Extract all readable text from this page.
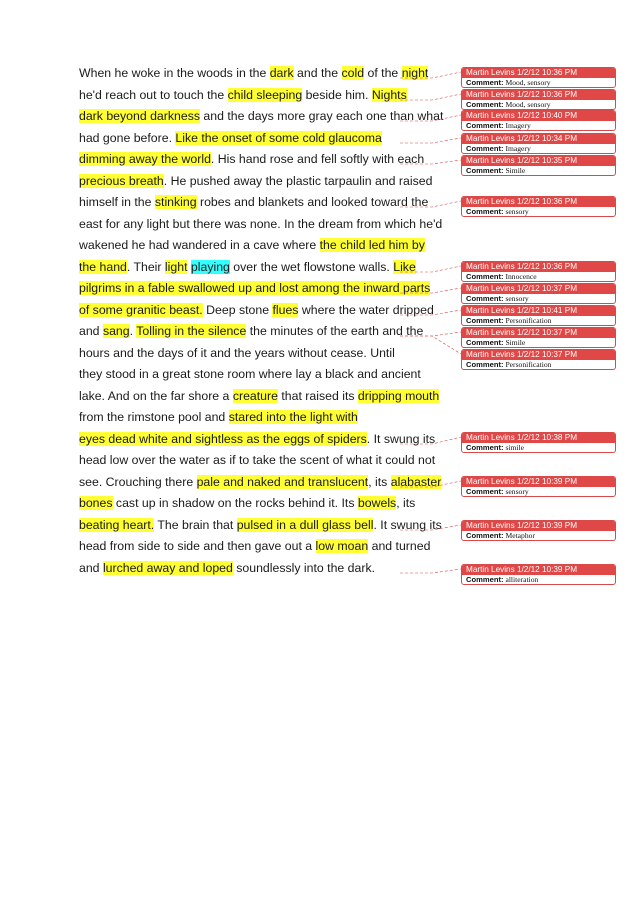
When he woke in the woods in the dark and the cold of the night
he'd reach out to touch the child sleeping beside him. Nights
dark beyond darkness and the days more gray each one than what
had gone before. Like the onset of some cold glaucoma
dimming away the world. His hand rose and fell softly with each
precious breath. He pushed away the plastic tarpaulin and raised
himself in the stinking robes and blankets and looked toward the
east for any light but there was none. In the dream from which he'd
wakened he had wandered in a cave where the child led him by
the hand. Their light playing over the wet flowstone walls. Like
pilgrims in a fable swallowed up and lost among the inward parts
of some granitic beast. Deep stone flues where the water dripped
and sang. Tolling in the silence the minutes of the earth and the
hours and the days of it and the years without cease. Until
they stood in a great stone room where lay a black and ancient
lake. And on the far shore a creature that raised its dripping mouth
from the rimstone pool and stared into the light with
eyes dead white and sightless as the eggs of spiders. It swung its
head low over the water as if to take the scent of what it could not
see. Crouching there pale and naked and translucent, its alabaster
bones cast up in shadow on the rocks behind it. Its bowels, its
beating heart. The brain that pulsed in a dull glass bell. It swung its
head from side to side and then gave out a low moan and turned
and lurched away and loped soundlessly into the dark.
Martin Levins 1/2/12 10:36 PM
Comment: Mood, sensory
Martin Levins 1/2/12 10:36 PM
Comment: Mood, sensory
Martin Levins 1/2/12 10:40 PM
Comment: Imagery
Martin Levins 1/2/12 10:34 PM
Comment: Imagery
Martin Levins 1/2/12 10:35 PM
Comment: Simile
Martin Levins 1/2/12 10:36 PM
Comment: sensory
Martin Levins 1/2/12 10:36 PM
Comment: Innocence
Martin Levins 1/2/12 10:37 PM
Comment: sensory
Martin Levins 1/2/12 10:41 PM
Comment: Personification
Martin Levins 1/2/12 10:37 PM
Comment: Simile
Martin Levins 1/2/12 10:37 PM
Comment: Personification
Martin Levins 1/2/12 10:38 PM
Comment: simile
Martin Levins 1/2/12 10:39 PM
Comment: sensory
Martin Levins 1/2/12 10:39 PM
Comment: Metaphor
Martin Levins 1/2/12 10:39 PM
Comment: alliteration
